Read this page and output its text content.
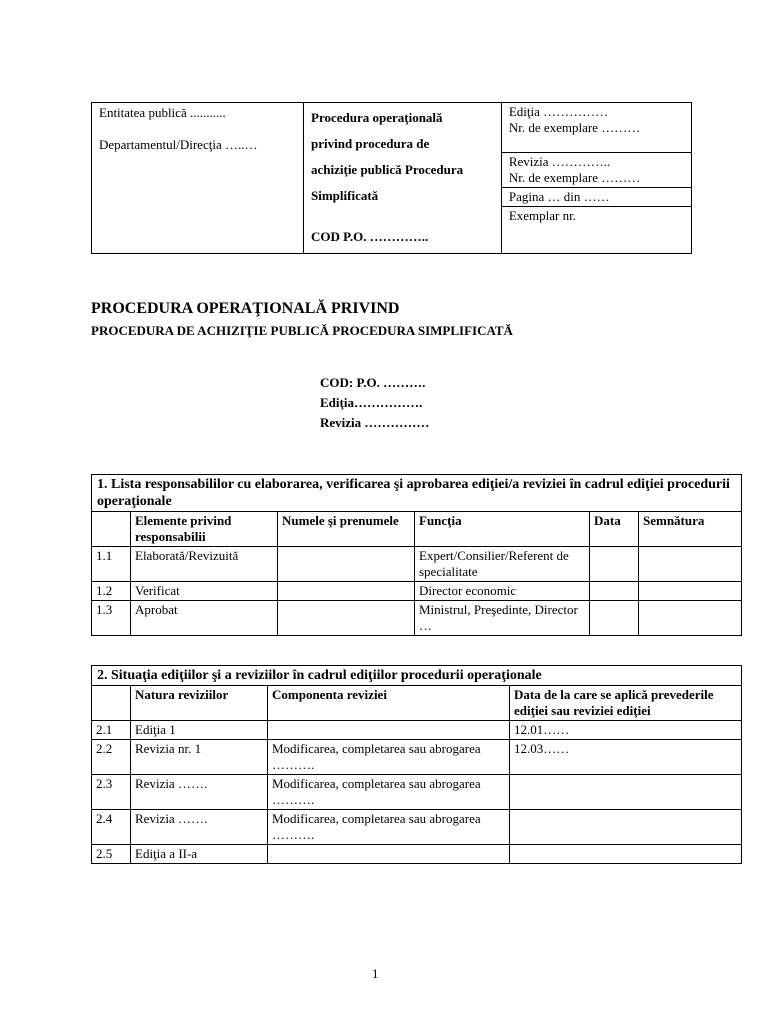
Entitatea publică ...........
Departamentul/Direcţia …..…

Procedura operaţională
privind procedura de
achiziţie publică Procedura
Simplificată
COD P.O. …………..

Ediţia ……………
Nr. de exemplare ………
Revizia …………..
Nr. de exemplare ………
Pagina … din ……
Exemplar nr.
PROCEDURA OPERAŢIONALĂ PRIVIND
PROCEDURA DE ACHIZIŢIE PUBLICĂ PROCEDURA SIMPLIFICATĂ
COD: P.O. ……….
Ediţia…………….
Revizia ……………
1. Lista responsabililor cu elaborarea, verificarea şi aprobarea ediţiei/a reviziei în cadrul ediţiei procedurii operaţionale					
	Elemente privind responsabilii	Numele şi prenumele	Funcţia	Data	Semnătura
1.1	Elaborată/Revizuită		Expert/Consilier/Referent de specialitate		
1.2	Verificat		Director economic		
1.3	Aprobat		Ministrul, Preşedinte, Director …		
2. Situaţia ediţiilor şi a reviziilor în cadrul ediţiilor procedurii operaţionale			
	Natura reviziilor	Componenta reviziei	Data de la care se aplică prevederile ediţiei sau reviziei ediţiei
2.1	Ediţia 1		12.01……
2.2	Revizia nr. 1	Modificarea, completarea sau abrogarea ……….	12.03……
2.3	Revizia …….	Modificarea, completarea sau abrogarea ……….	
2.4	Revizia …….	Modificarea, completarea sau abrogarea ……….	
2.5	Ediţia a II-a		
1
